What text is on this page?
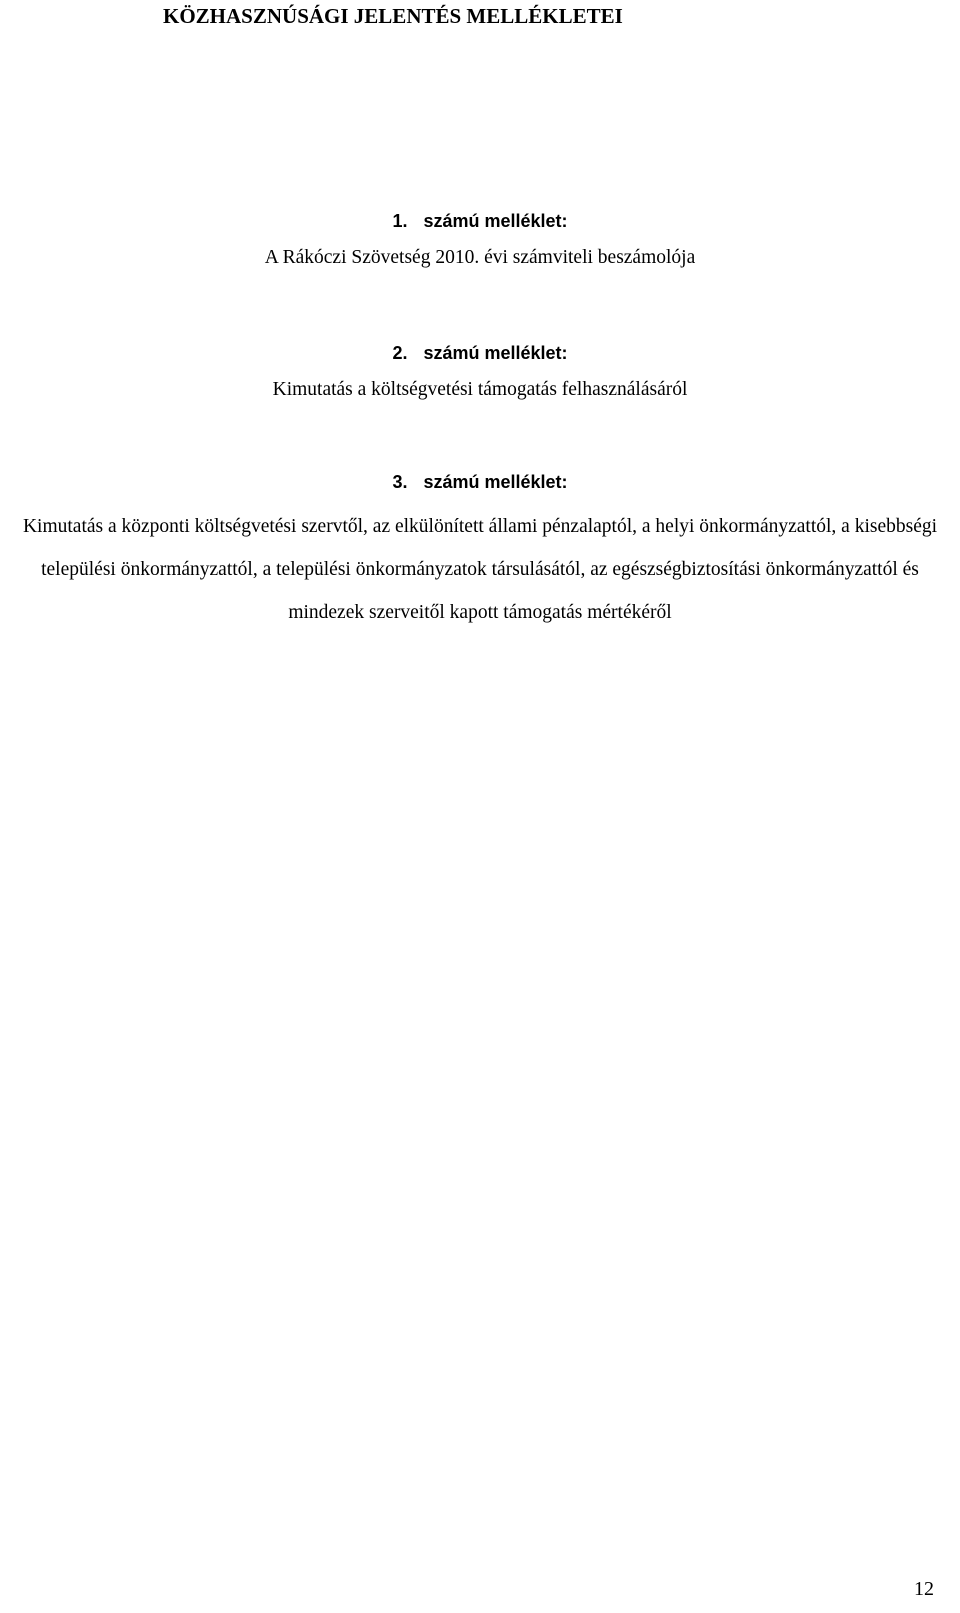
KÖZHASZNÚSÁGI JELENTÉS MELLÉKLETEI

1. számú melléklet:

A Rákóczi Szövetség 2010. évi számviteli beszámolója

2. számú melléklet:

Kimutatás a költségvetési támogatás felhasználásáról

3. számú melléklet:

Kimutatás a központi költségvetési szervtől, az elkülönített állami pénzalaptól, a helyi önkormányzattól, a kisebbségi települési önkormányzattól, a települési önkormányzatok társulásától, az egészségbiztosítási önkormányzattól és mindezek szerveitől kapott támogatás mértékéről

12
